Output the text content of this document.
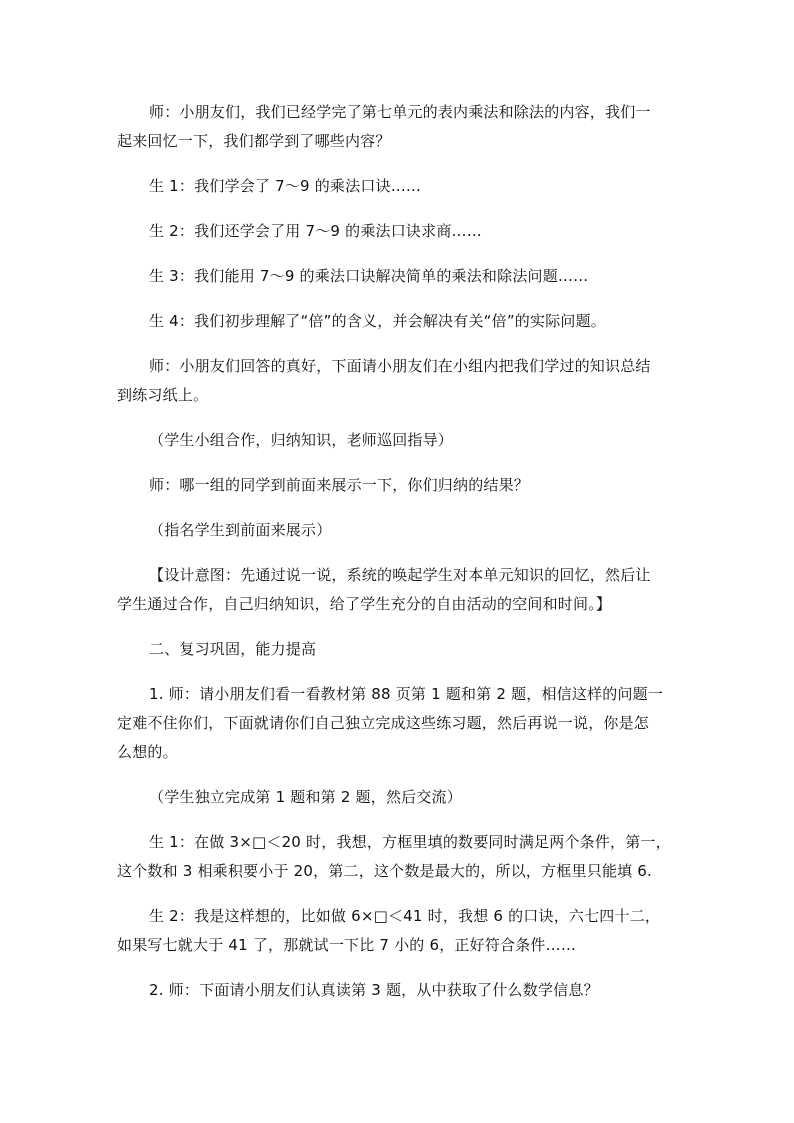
师：小朋友们，我们已经学完了第七单元的表内乘法和除法的内容，我们一
起来回忆一下，我们都学到了哪些内容？

生 1：我们学会了 7～9 的乘法口诀……

生 2：我们还学会了用 7～9 的乘法口诀求商……

生 3：我们能用 7～9 的乘法口诀解决简单的乘法和除法问题……

生 4：我们初步理解了“倍”的含义，并会解决有关“倍”的实际问题。

师：小朋友们回答的真好，下面请小朋友们在小组内把我们学过的知识总结
到练习纸上。

（学生小组合作，归纳知识，老师巡回指导）

师：哪一组的同学到前面来展示一下，你们归纳的结果？

（指名学生到前面来展示）

【设计意图：先通过说一说，系统的唤起学生对本单元知识的回忆，然后让
学生通过合作，自己归纳知识，给了学生充分的自由活动的空间和时间。】

二、复习巩固，能力提高

1. 师：请小朋友们看一看教材第 88 页第 1 题和第 2 题，相信这样的问题一
定难不住你们，下面就请你们自己独立完成这些练习题，然后再说一说，你是怎
么想的。

（学生独立完成第 1 题和第 2 题，然后交流）

生 1：在做 3×□＜20 时，我想，方框里填的数要同时满足两个条件，第一，
这个数和 3 相乘积要小于 20，第二，这个数是最大的，所以，方框里只能填 6.

生 2：我是这样想的，比如做 6×□＜41 时，我想 6 的口诀，六七四十二，
如果写七就大于 41 了，那就试一下比 7 小的 6，正好符合条件……

2. 师：下面请小朋友们认真读第 3 题，从中获取了什么数学信息？
